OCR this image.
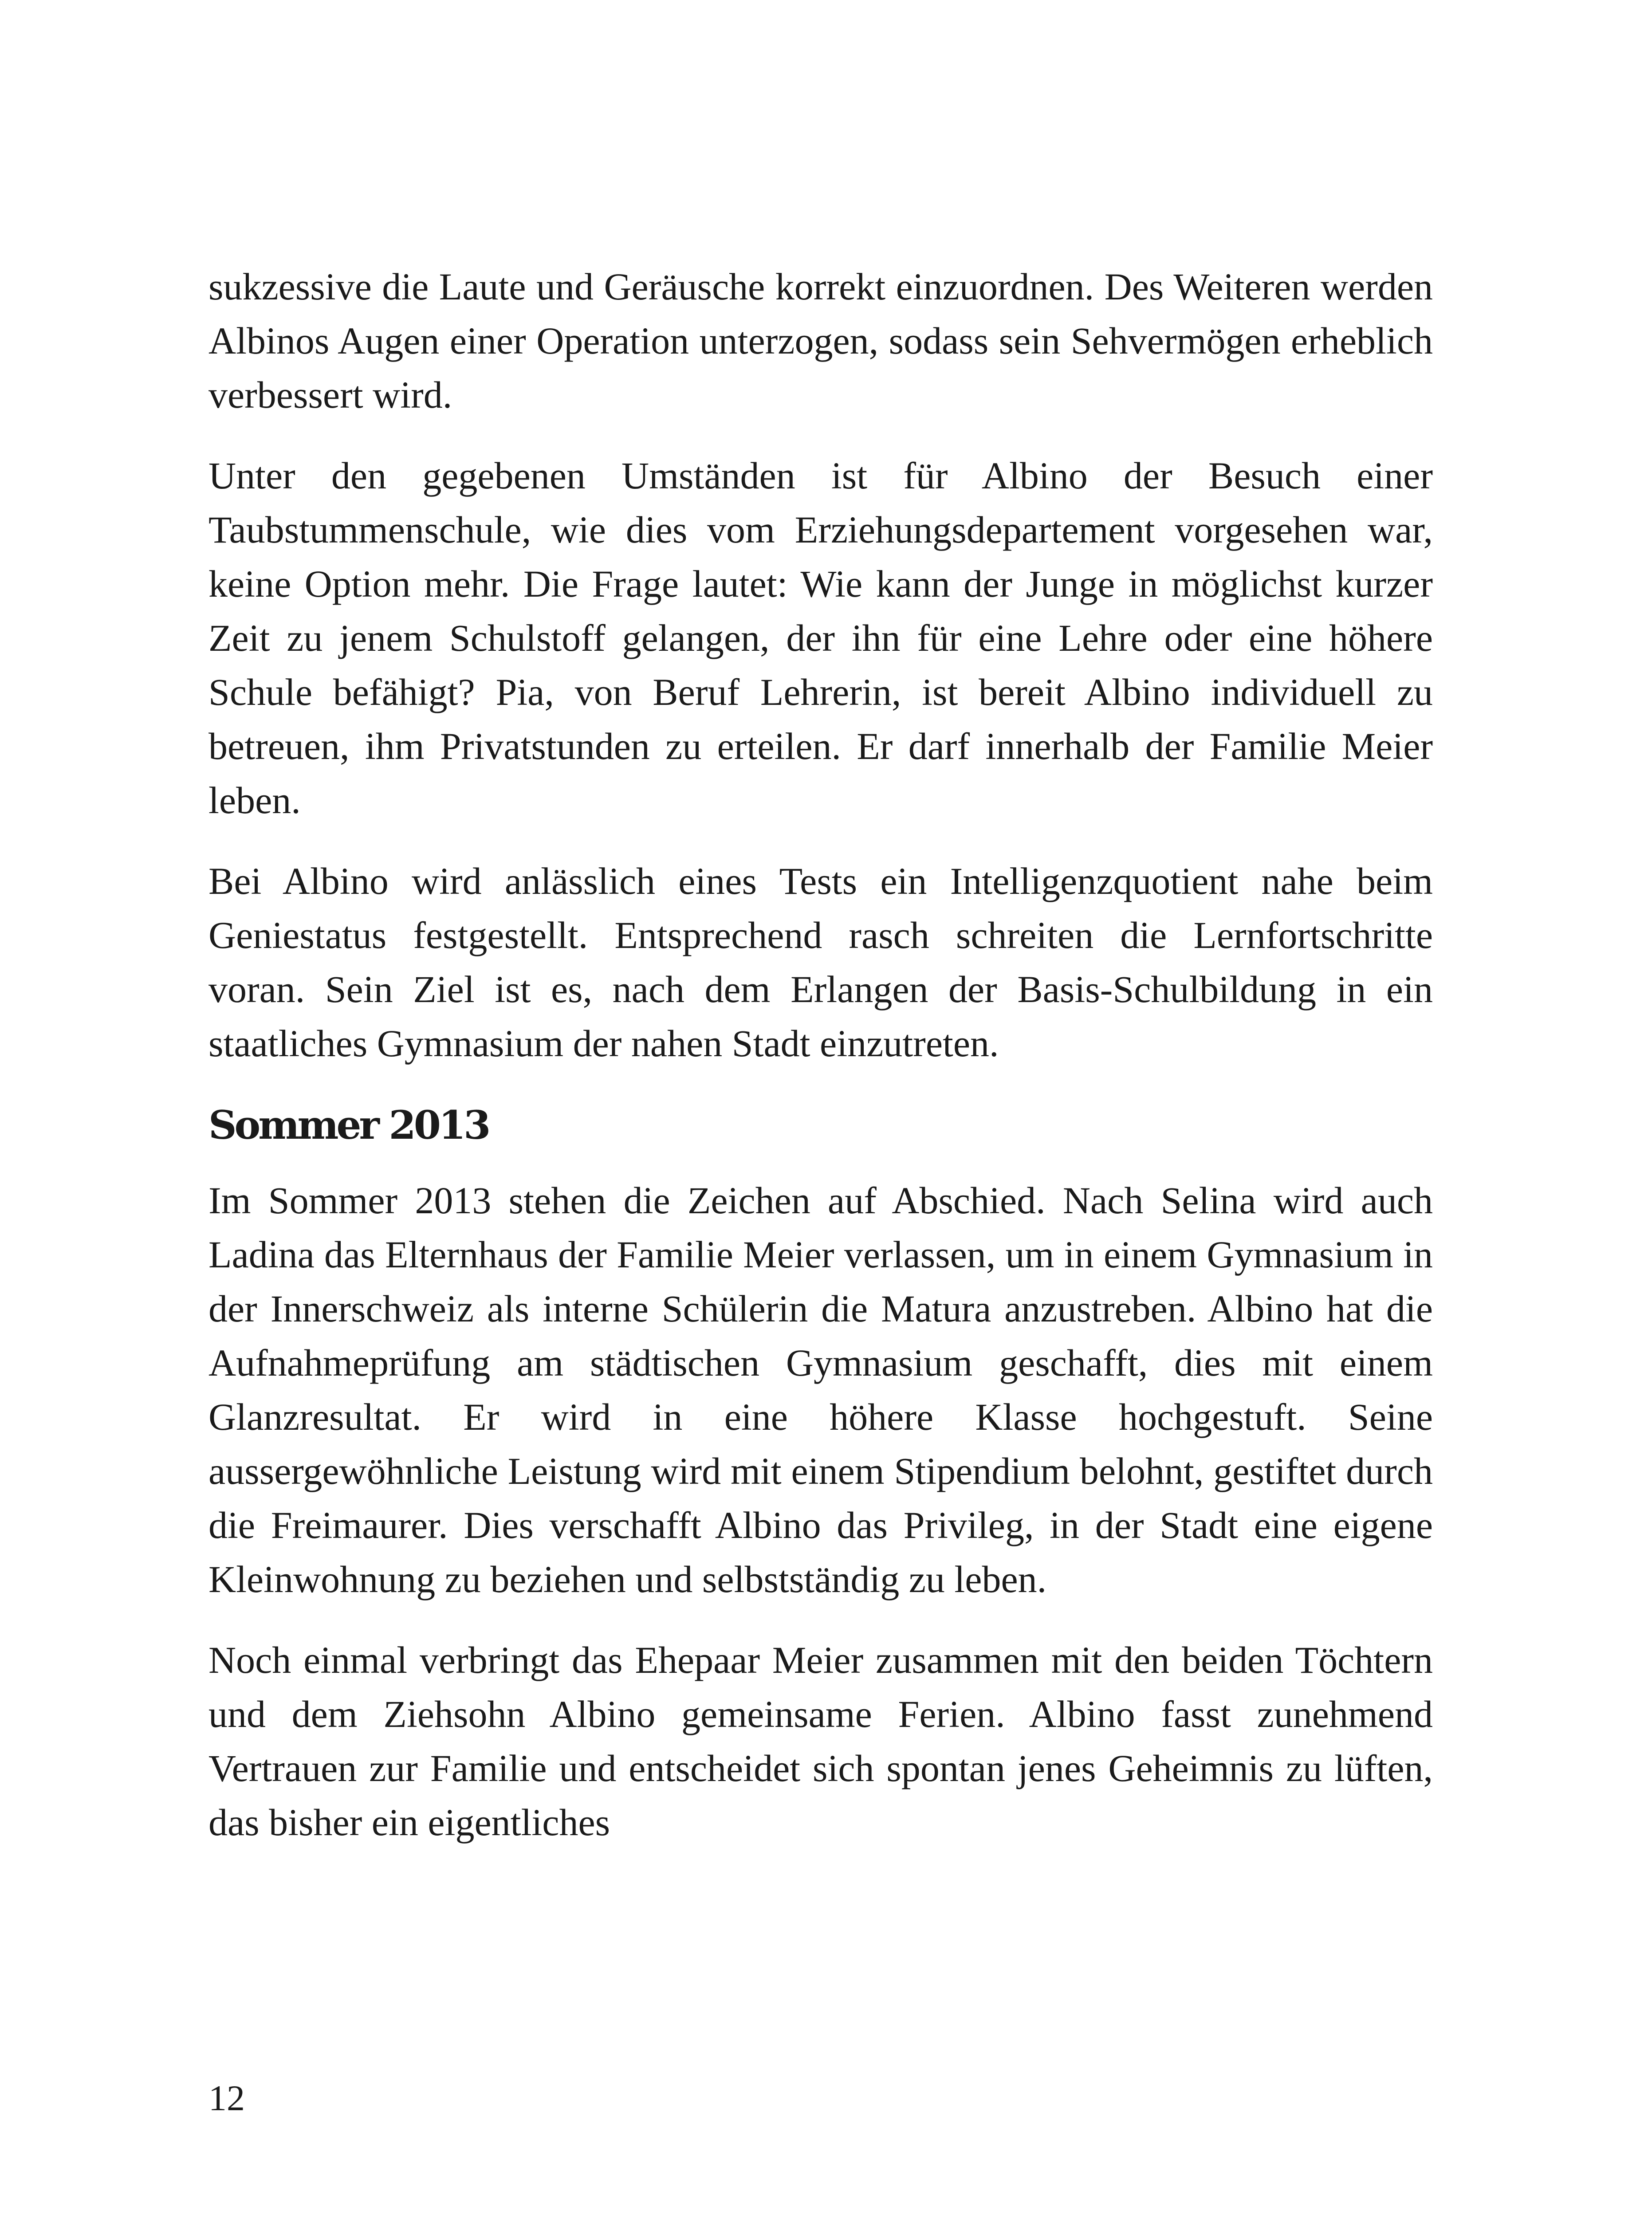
sukzessive die Laute und Geräusche korrekt einzuordnen. Des Weiteren werden Albinos Augen einer Operation unterzogen, sodass sein Sehvermögen erheblich verbessert wird.

Unter den gegebenen Umständen ist für Albino der Besuch einer Taubstummenschule, wie dies vom Erziehungsdepartement vorgesehen war, keine Option mehr. Die Frage lautet: Wie kann der Junge in möglichst kurzer Zeit zu jenem Schulstoff gelangen, der ihn für eine Lehre oder eine höhere Schule befähigt? Pia, von Beruf Lehrerin, ist bereit Albino individuell zu betreuen, ihm Privatstunden zu erteilen. Er darf innerhalb der Familie Meier leben.

Bei Albino wird anlässlich eines Tests ein Intelligenzquotient nahe beim Geniestatus festgestellt. Entsprechend rasch schreiten die Lernfortschritte voran. Sein Ziel ist es, nach dem Erlangen der Basis-Schulbildung in ein staatliches Gymnasium der nahen Stadt einzutreten.

Sommer 2013

Im Sommer 2013 stehen die Zeichen auf Abschied. Nach Selina wird auch Ladina das Elternhaus der Familie Meier verlassen, um in einem Gymnasium in der Innerschweiz als interne Schülerin die Matura anzustreben. Albino hat die Aufnahmeprüfung am städtischen Gymnasium geschafft, dies mit einem Glanzresultat. Er wird in eine höhere Klasse hochgestuft. Seine aussergewöhnliche Leistung wird mit einem Stipendium belohnt, gestiftet durch die Freimaurer. Dies verschafft Albino das Privileg, in der Stadt eine eigene Kleinwohnung zu beziehen und selbstständig zu leben.

Noch einmal verbringt das Ehepaar Meier zusammen mit den beiden Töchtern und dem Ziehsohn Albino gemeinsame Ferien. Albino fasst zunehmend Vertrauen zur Familie und entscheidet sich spontan jenes Geheimnis zu lüften, das bisher ein eigentliches

12
